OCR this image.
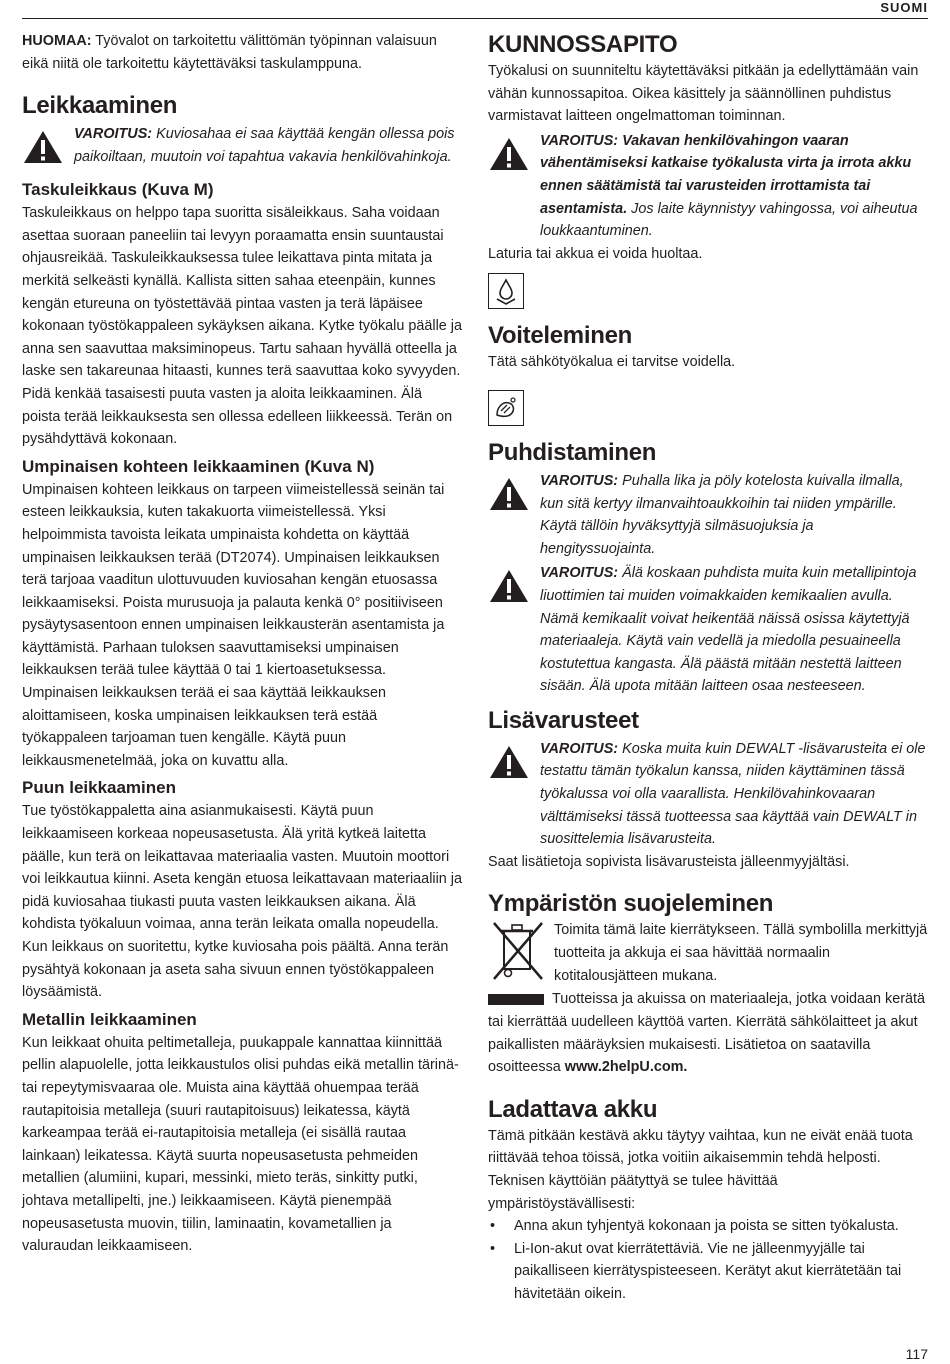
SUOMI

HUOMAA: Työvalot on tarkoitettu välittömän työpinnan valaisuun eikä niitä ole tarkoitettu käytettäväksi taskulamppuna.

Leikkaaminen

VAROITUS: Kuviosahaa ei saa käyttää kengän ollessa pois paikoiltaan, muutoin voi tapahtua vakavia henkilövahinkoja.

Taskuleikkaus (Kuva M)

Taskuleikkaus on helppo tapa suoritta sisäleikkaus. Saha voidaan asettaa suoraan paneeliin tai levyyn poraamatta ensin suuntaustai ohjausreikää. Taskuleikkauksessa tulee leikattava pinta mitata ja merkitä selkeästi kynällä. Kallista sitten sahaa eteenpäin, kunnes kengän etureuna on työstettävää pintaa vasten ja terä läpäisee kokonaan työstökappaleen sykäyksen aikana. Kytke työkalu päälle ja anna sen saavuttaa maksiminopeus. Tartu sahaan hyvällä otteella ja laske sen takareunaa hitaasti, kunnes terä saavuttaa koko syvyyden. Pidä kenkää tasaisesti puuta vasten ja aloita leikkaaminen. Älä poista terää leikkauksesta sen ollessa edelleen liikkeessä. Terän on pysähdyttävä kokonaan.

Umpinaisen kohteen leikkaaminen (Kuva N)

Umpinaisen kohteen leikkaus on tarpeen viimeistellessä seinän tai esteen leikkauksia, kuten takakuorta viimeistellessä. Yksi helpoimmista tavoista leikata umpinaista kohdetta on käyttää umpinaisen leikkauksen terää (DT2074). Umpinaisen leikkauksen terä tarjoaa vaaditun ulottuvuuden kuviosahan kengän etuosassa leikkaamiseksi. Poista murusuoja ja palauta kenkä 0° positiiviseen pysäytysasentoon ennen umpinaisen leikkausterän asentamista ja käyttämistä. Parhaan tuloksen saavuttamiseksi umpinaisen leikkauksen terää tulee käyttää 0 tai 1 kiertoasetuksessa. Umpinaisen leikkauksen terää ei saa käyttää leikkauksen aloittamiseen, koska umpinaisen leikkauksen terä estää työkappaleen tarjoaman tuen kengälle. Käytä puun leikkausmenetelmää, joka on kuvattu alla.

Puun leikkaaminen

Tue työstökappaletta aina asianmukaisesti. Käytä puun leikkaamiseen korkeaa nopeusasetusta. Älä yritä kytkeä laitetta päälle, kun terä on leikattavaa materiaalia vasten. Muutoin moottori voi leikkautua kiinni. Aseta kengän etuosa leikattavaan materiaaliin ja pidä kuviosahaa tiukasti puuta vasten leikkauksen aikana. Älä kohdista työkaluun voimaa, anna terän leikata omalla nopeudella. Kun leikkaus on suoritettu, kytke kuviosaha pois päältä. Anna terän pysähtyä kokonaan ja aseta saha sivuun ennen työstökappaleen löysäämistä.

Metallin leikkaaminen

Kun leikkaat ohuita peltimetalleja, puukappale kannattaa kiinnittää pellin alapuolelle, jotta leikkaustulos olisi puhdas eikä metallin tärinä- tai repeytymisvaaraa ole. Muista aina käyttää ohuempaa terää rautapitoisia metalleja (suuri rautapitoisuus) leikatessa, käytä karkeampaa terää ei-rautapitoisia metalleja (ei sisällä rautaa lainkaan) leikatessa. Käytä suurta nopeusasetusta pehmeiden metallien (alumiini, kupari, messinki, mieto teräs, sinkitty putki, johtava metallipelti, jne.) leikkaamiseen. Käytä pienempää nopeusasetusta muovin, tiilin, laminaatin, kovametallien ja valuraudan leikkaamiseen.

KUNNOSSAPITO

Työkalusi on suunniteltu käytettäväksi pitkään ja edellyttämään vain vähän kunnossapitoa. Oikea käsittely ja säännöllinen puhdistus varmistavat laitteen ongelmattoman toiminnan.

VAROITUS: Vakavan henkilövahingon vaaran vähentämiseksi katkaise työkalusta virta ja irrota akku ennen säätämistä tai varusteiden irrottamista tai asentamista. Jos laite käynnistyy vahingossa, voi aiheutua loukkaantuminen.

Laturia tai akkua ei voida huoltaa.

Voiteleminen

Tätä sähkötyökalua ei tarvitse voidella.

Puhdistaminen

VAROITUS: Puhalla lika ja pöly kotelosta kuivalla ilmalla, kun sitä kertyy ilmanvaihtoaukkoihin tai niiden ympärille. Käytä tällöin hyväksyttyjä silmäsuojuksia ja hengityssuojainta.

VAROITUS: Älä koskaan puhdista muita kuin metallipintoja liuottimien tai muiden voimakkaiden kemikaalien avulla. Nämä kemikaalit voivat heikentää näissä osissa käytettyjä materiaaleja. Käytä vain vedellä ja miedolla pesuaineella kostutettua kangasta. Älä päästä mitään nestettä laitteen sisään. Älä upota mitään laitteen osaa nesteeseen.

Lisävarusteet

VAROITUS: Koska muita kuin DEWALT -lisävarusteita ei ole testattu tämän työkalun kanssa, niiden käyttäminen tässä työkalussa voi olla vaarallista. Henkilövahinkovaaran välttämiseksi tässä tuotteessa saa käyttää vain DEWALT in suosittelemia lisävarusteita.

Saat lisätietoja sopivista lisävarusteista jälleenmyyjältäsi.

Ympäristön suojeleminen

Toimita tämä laite kierrätykseen. Tällä symbolilla merkittyjä tuotteita ja akkuja ei saa hävittää normaalin kotitalousjätteen mukana.

Tuotteissa ja akuissa on materiaaleja, jotka voidaan kerätä tai kierrättää uudelleen käyttöä varten. Kierrätä sähkölaitteet ja akut paikallisten määräyksien mukaisesti. Lisätietoa on saatavilla osoitteessa www.2helpU.com.

Ladattava akku

Tämä pitkään kestävä akku täytyy vaihtaa, kun ne eivät enää tuota riittävää tehoa töissä, jotka voitiin aikaisemmin tehdä helposti. Teknisen käyttöiän päätyttyä se tulee hävittää ympäristöystävällisesti:

• Anna akun tyhjentyä kokonaan ja poista se sitten työkalusta.
• Li-Ion-akut ovat kierrätettäviä. Vie ne jälleenmyyjälle tai paikalliseen kierrätyspisteeseen. Kerätyt akut kierrätetään tai hävitetään oikein.
117
